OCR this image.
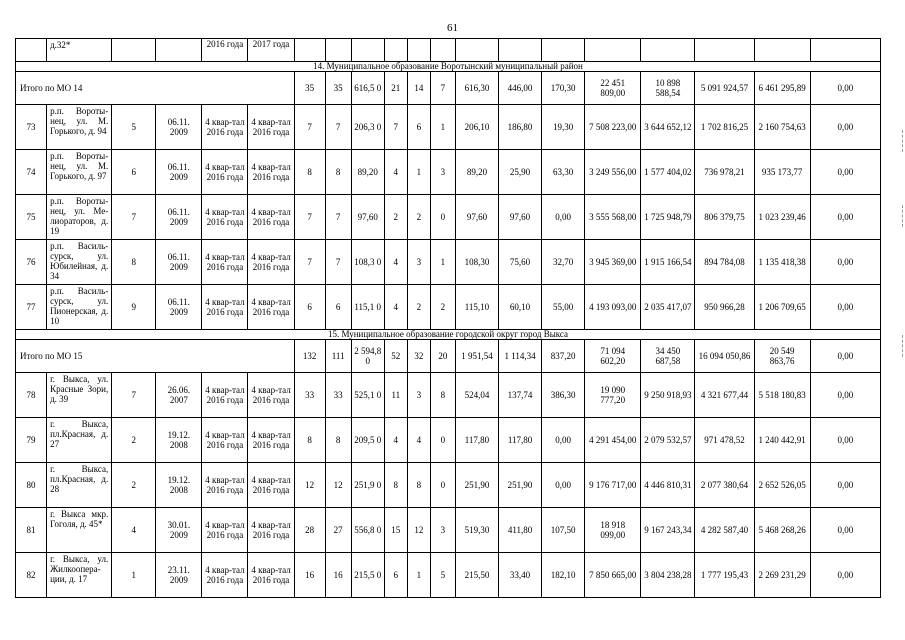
61
	д.32*			2016 года	2017 года														
14. Муниципальное образование Воротынский муниципальный район																			
Итого по МО 14						35	35	616,5 0	21	14	7	616,30	446,00	170,30	22 451 809,00	10 898 588,54	5 091 924,57	6 461 295,89	0,00
73	р.п. Вороты-нец, ул. М. Горького, д. 94	5	06.11. 2009	4 квар-тал 2016 года	4 квар-тал 2016 года	7	7	206,3 0	7	6	1	206,10	186,80	19,30	7 508 223,00	3 644 652,12	1 702 816,25	2 160 754,63	0,00
74	р.п. Вороты-нец, ул. М. Горького, д. 97	6	06.11. 2009	4 квар-тал 2016 года	4 квар-тал 2016 года	8	8	89,20	4	1	3	89,20	25,90	63,30	3 249 556,00	1 577 404,02	736 978,21	935 173,77	0,00
75	р.п. Вороты-нец, ул. Ме-лиораторов, д. 19	7	06.11. 2009	4 квар-тал 2016 года	4 квар-тал 2016 года	7	7	97,60	2	2	0	97,60	97,60	0,00	3 555 568,00	1 725 948,79	806 379,75	1 023 239,46	0,00
76	р.п. Василь-сурск, ул. Юбилейная, д. 34	8	06.11. 2009	4 квар-тал 2016 года	4 квар-тал 2016 года	7	7	108,3 0	4	3	1	108,30	75,60	32,70	3 945 369,00	1 915 166,54	894 784,08	1 135 418,38	0,00
77	р.п. Василь-сурск, ул. Пионерская, д. 10	9	06.11. 2009	4 квар-тал 2016 года	4 квар-тал 2016 года	6	6	115,1 0	4	2	2	115,10	60,10	55,00	4 193 093,00	2 035 417,07	950 966,28	1 206 709,65	0,00
15. Муниципальное образование городской округ город Выкса																			
Итого по МО 15						132	111	2 594,8 0	52	32	20	1 951,54	1 114,34	837,20	71 094 602,20	34 450 687,58	16 094 050,86	20 549 863,76	0,00
78	г. Выкса, ул. Красные Зори, д. 39	7	26.06. 2007	4 квар-тал 2016 года	4 квар-тал 2016 года	33	33	525,1 0	11	3	8	524,04	137,74	386,30	19 090 777,20	9 250 918,93	4 321 677,44	5 518 180,83	0,00
79	г. Выкса, пл.Красная, д. 27	2	19.12. 2008	4 квар-тал 2016 года	4 квар-тал 2016 года	8	8	209,5 0	4	4	0	117,80	117,80	0,00	4 291 454,00	2 079 532,57	971 478,52	1 240 442,91	0,00
80	г. Выкса, пл.Красная, д. 28	2	19.12. 2008	4 квар-тал 2016 года	4 квар-тал 2016 года	12	12	251,9 0	8	8	0	251,90	251,90	0,00	9 176 717,00	4 446 810,31	2 077 380,64	2 652 526,05	0,00
81	г. Выкса мкр. Гоголя, д. 45*	4	30.01. 2009	4 квар-тал 2016 года	4 квар-тал 2016 года	28	27	556,8 0	15	12	3	519,30	411,80	107,50	18 918 099,00	9 167 243,34	4 282 587,40	5 468 268,26	0,00
82	г. Выкса, ул. Жилкоопера-ции, д. 17	1	23.11. 2009	4 квар-тал 2016 года	4 квар-тал 2016 года	16	16	215,5 0	6	1	5	215,50	33,40	182,10	7 850 665,00	3 804 238,28	1 777 195,43	2 269 231,29	0,00
